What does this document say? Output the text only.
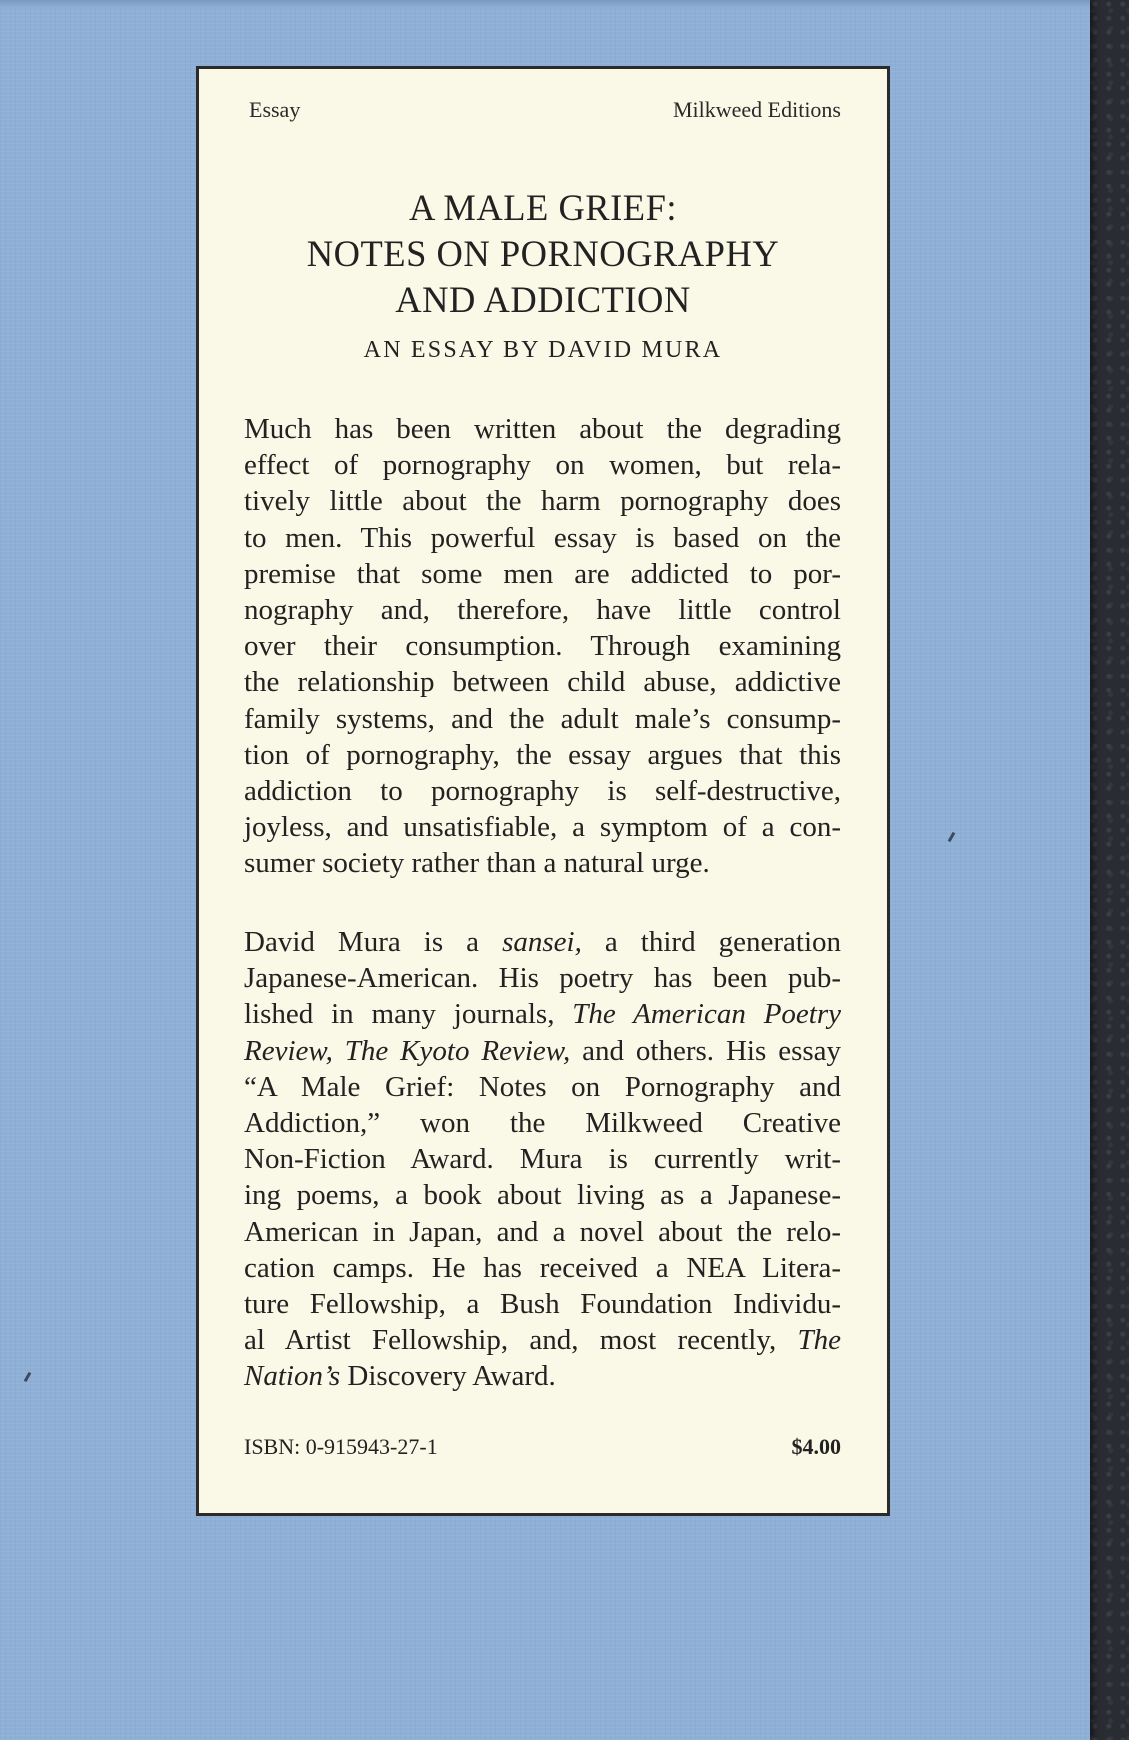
Essay	Milkweed Editions
A MALE GRIEF:
NOTES ON PORNOGRAPHY
AND ADDICTION
AN ESSAY BY DAVID MURA
Much has been written about the degrading
effect of pornography on women, but rela-
tively little about the harm pornography does
to men. This powerful essay is based on the
premise that some men are addicted to por-
nography and, therefore, have little control
over their consumption. Through examining
the relationship between child abuse, addictive
family systems, and the adult male’s consump-
tion of pornography, the essay argues that this
addiction to pornography is self-destructive,
joyless, and unsatisfiable, a symptom of a con-
sumer society rather than a natural urge.
David Mura is a sansei, a third generation
Japanese-American. His poetry has been pub-
lished in many journals, The American Poetry
Review, The Kyoto Review, and others. His essay
“A Male Grief: Notes on Pornography and
Addiction,” won the Milkweed Creative
Non-Fiction Award. Mura is currently writ-
ing poems, a book about living as a Japanese-
American in Japan, and a novel about the relo-
cation camps. He has received a NEA Litera-
ture Fellowship, a Bush Foundation Individu-
al Artist Fellowship, and, most recently, The
Nation’s Discovery Award.
ISBN: 0-915943-27-1	$4.00
